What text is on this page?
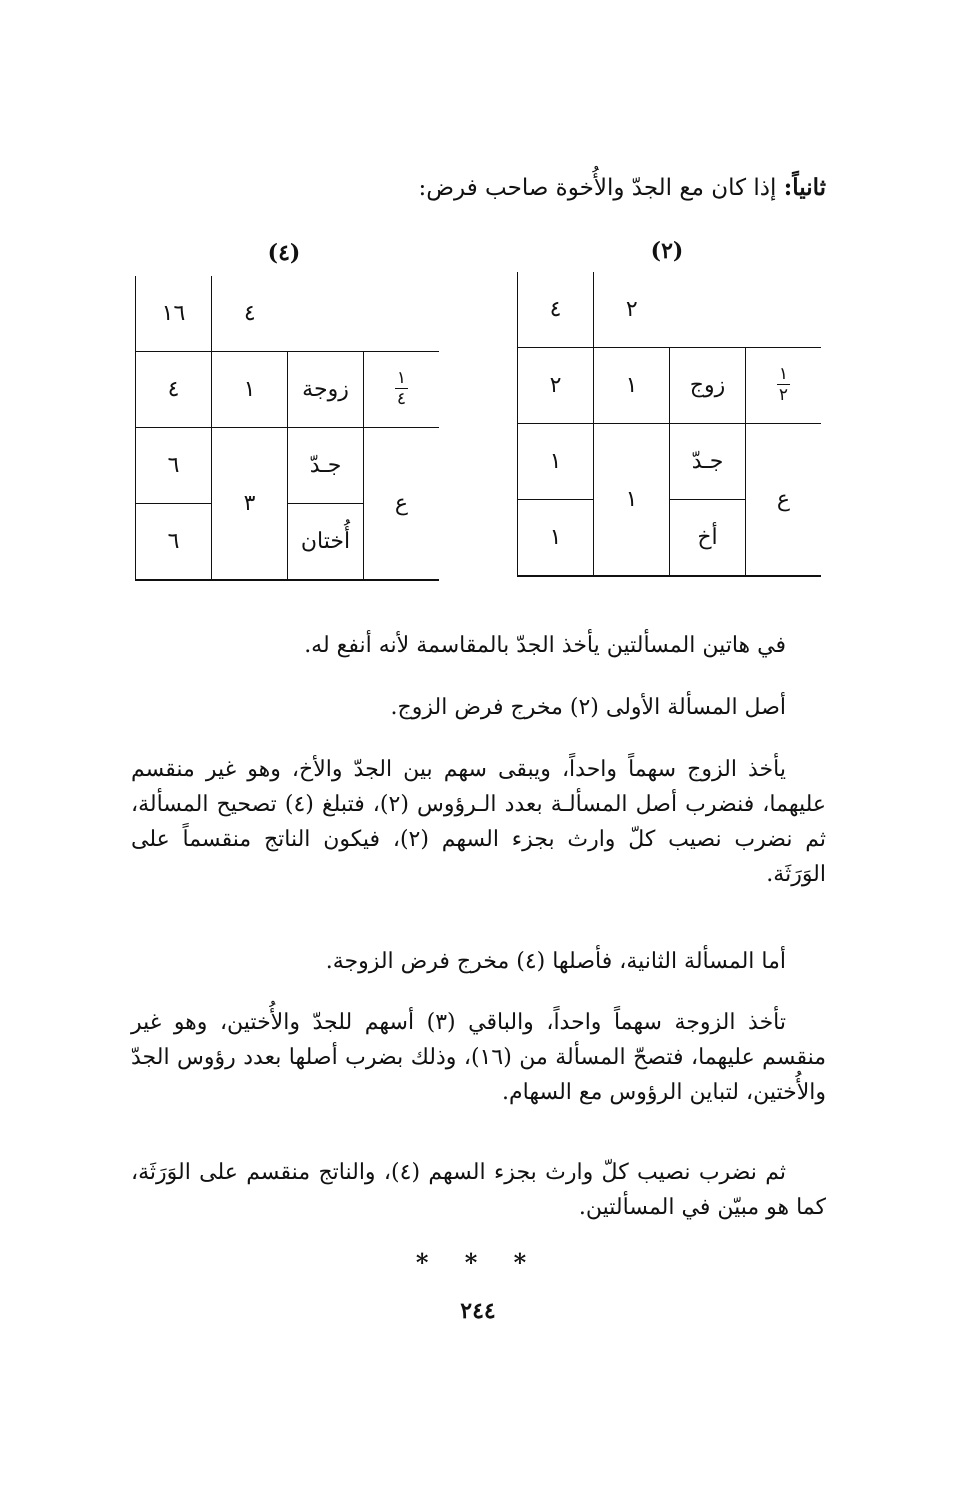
ثانياً: إذا كان مع الجدّ والأُخوة صاحب فرض:
(٢)
		٢	٤

$\frac{١}{٢}$	زوج	١	٢
ع	جـدّ	١	١
	أخ		١
(٤)
		٤	١٦

$\frac{١}{٤}$	زوجة	١	٤
ع	جـدّ	٣	٦
	أُختان		٦

في هاتين المسألتين يأخذ الجدّ بالمقاسمة لأنه أنفع له.

أصل المسألة الأولى (٢) مخرج فرض الزوج.

يأخذ الزوج سهماً واحداً، ويبقى سهم بين الجدّ والأخ، وهو غير منقسم عليهما، فنضرب أصل المسألـة بعدد الـرؤوس (٢)، فتبلغ (٤) تصحيح المسألة، ثم نضرب نصيب كلّ وارث بجزء السهم (٢)، فيكون الناتج منقسماً على الوَرَثَة.

أما المسألة الثانية، فأصلها (٤) مخرج فرض الزوجة.

تأخذ الزوجة سهماً واحداً، والباقي (٣) أسهم للجدّ والأُختين، وهو غير منقسم عليهما، فتصحّ المسألة من (١٦)، وذلك بضرب أصلها بعدد رؤوس الجدّ والأُختين، لتباين الرؤوس مع السهام.

ثم نضرب نصيب كلّ وارث بجزء السهم (٤)، والناتج منقسم على الوَرَثَة، كما هو مبيّن في المسألتين.

* * *
٢٤٤
